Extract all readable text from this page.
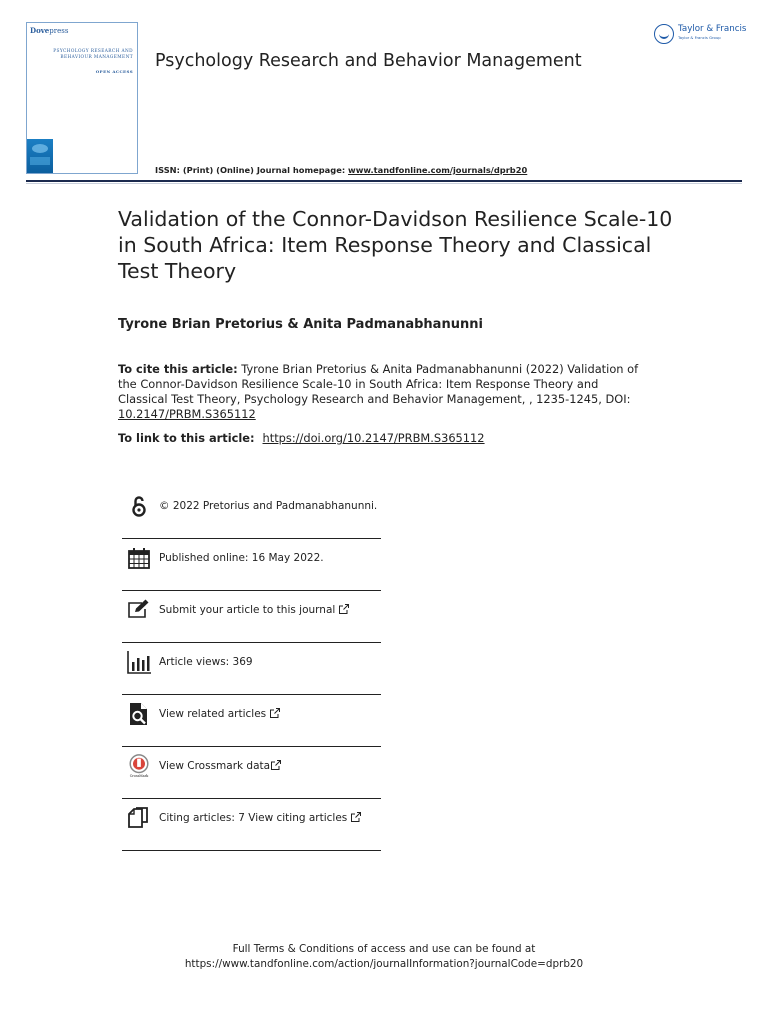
Dovepress
PSYCHOLOGY RESEARCH AND
BEHAVIOUR MANAGEMENT
OPEN ACCESS
Psychology Research and Behavior Management
ISSN: (Print) (Online) Journal homepage: www.tandfonline.com/journals/dprb20
Taylor & Francis
Taylor & Francis Group
Validation of the Connor-Davidson Resilience Scale-10 in South Africa: Item Response Theory and Classical Test Theory
Tyrone Brian Pretorius & Anita Padmanabhanunni
To cite this article: Tyrone Brian Pretorius & Anita Padmanabhanunni (2022) Validation of the Connor-Davidson Resilience Scale-10 in South Africa: Item Response Theory and Classical Test Theory, Psychology Research and Behavior Management, , 1235-1245, DOI: 10.2147/PRBM.S365112
To link to this article: https://doi.org/10.2147/PRBM.S365112
© 2022 Pretorius and Padmanabhanunni.
Published online: 16 May 2022.
Submit your article to this journal
Article views: 369
View related articles
CrossMark
View Crossmark data
Citing articles: 7 View citing articles
Full Terms & Conditions of access and use can be found at
https://www.tandfonline.com/action/journalInformation?journalCode=dprb20
